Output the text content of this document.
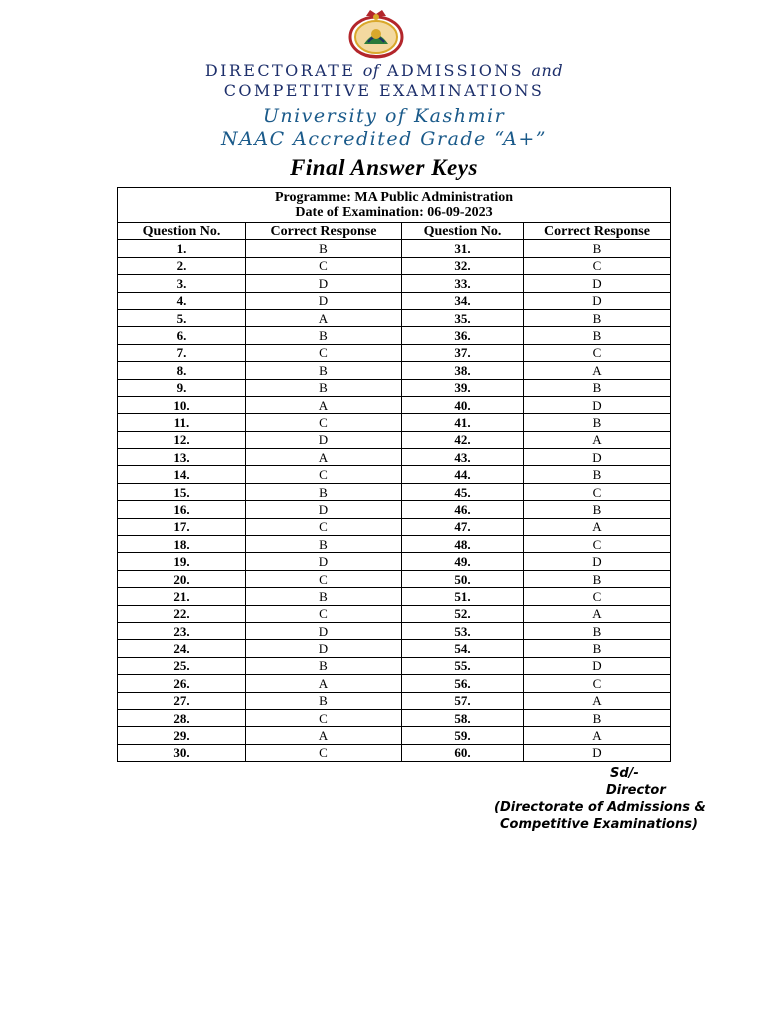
DIRECTORATE of ADMISSIONS and
COMPETITIVE EXAMINATIONS
University of Kashmir
NAAC Accredited Grade “A+”
Final Answer Keys
Programme: MA Public Administration
Date of Examination: 06-09-2023			

Question No.	Correct Response	Question No.	Correct Response
1.	B	31.	B
2.	C	32.	C
3.	D	33.	D
4.	D	34.	D
5.	A	35.	B
6.	B	36.	B
7.	C	37.	C
8.	B	38.	A
9.	B	39.	B
10.	A	40.	D
11.	C	41.	B
12.	D	42.	A
13.	A	43.	D
14.	C	44.	B
15.	B	45.	C
16.	D	46.	B
17.	C	47.	A
18.	B	48.	C
19.	D	49.	D
20.	C	50.	B
21.	B	51.	C
22.	C	52.	A
23.	D	53.	B
24.	D	54.	B
25.	B	55.	D
26.	A	56.	C
27.	B	57.	A
28.	C	58.	B
29.	A	59.	A
30.	C	60.	D
Sd/-
Director
(Directorate of Admissions &
Competitive Examinations)
